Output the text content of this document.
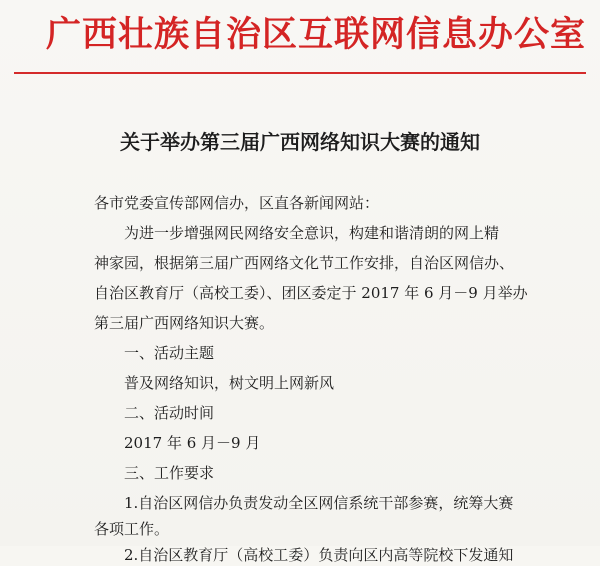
广西壮族自治区互联网信息办公室
关于举办第三届广西网络知识大赛的通知
各市党委宣传部网信办，区直各新闻网站：
为进一步增强网民网络安全意识，构建和谐清朗的网上精
神家园，根据第三届广西网络文化节工作安排，自治区网信办、
自治区教育厅（高校工委）、团区委定于 2017 年 6 月－9 月举办
第三届广西网络知识大赛。
一、活动主题
普及网络知识，树文明上网新风
二、活动时间
2017 年 6 月－9 月
三、工作要求
1.自治区网信办负责发动全区网信系统干部参赛，统筹大赛
各项工作。
2.自治区教育厅（高校工委）负责向区内高等院校下发通知
